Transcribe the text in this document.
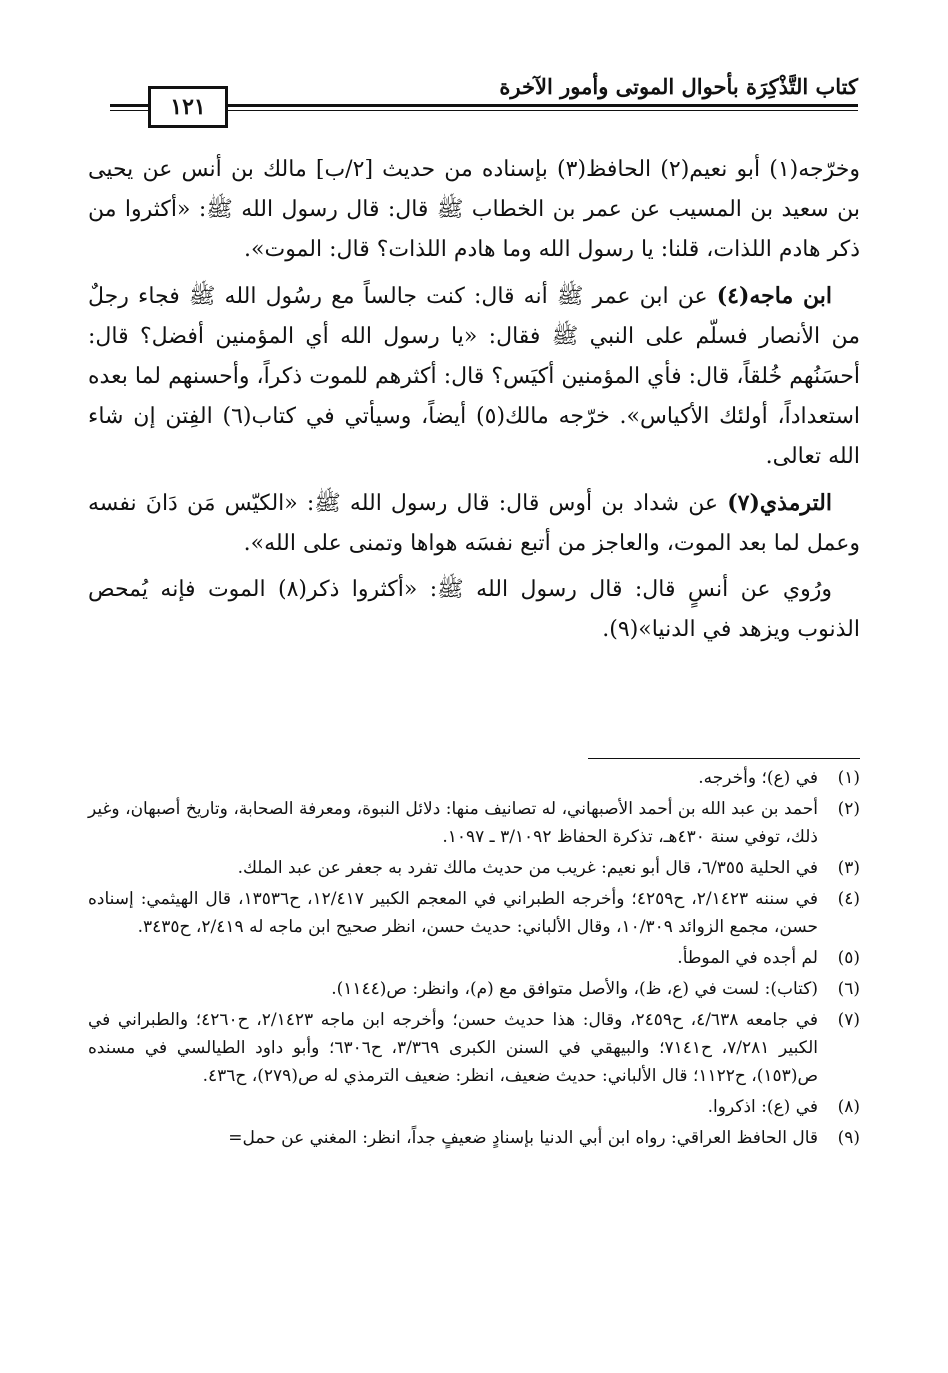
كتاب التَّذْكِرَة بأحوال الموتى وأمور الآخرة
١٢١

وخرّجه(١) أبو نعيم(٢) الحافظ(٣) بإسناده من حديث [٢/ب] مالك بن أنس عن يحيى بن سعيد بن المسيب عن عمر بن الخطاب ﷺ قال: قال رسول الله ﷺ: «أكثروا من ذكر هادم اللذات، قلنا: يا رسول الله وما هادم اللذات؟ قال: الموت».

ابن ماجه(٤) عن ابن عمر ﷺ أنه قال: كنت جالساً مع رسُول الله ﷺ فجاء رجلٌ من الأنصار فسلّم على النبي ﷺ فقال: «يا رسول الله أي المؤمنين أفضل؟ قال: أحسَنُهم خُلقاً، قال: فأي المؤمنين أكيَس؟ قال: أكثرهم للموت ذكراً، وأحسنهم لما بعده استعداداً، أولئك الأكياس». خرّجه مالك(٥) أيضاً، وسيأتي في كتاب(٦) الفِتن إن شاء الله تعالى.

الترمذي(٧) عن شداد بن أوس قال: قال رسول الله ﷺ: «الكيّس مَن دَانَ نفسه وعمل لما بعد الموت، والعاجز من أتبع نفسَه هواها وتمنى على الله».

ورُوي عن أنسٍ قال: قال رسول الله ﷺ: «أكثروا ذكر(٨) الموت فإنه يُمحص الذنوب ويزهد في الدنيا»(٩).

(١)
في (ع)؛ وأخرجه.
(٢)
أحمد بن عبد الله بن أحمد الأصبهاني، له تصانيف منها: دلائل النبوة، ومعرفة الصحابة، وتاريخ أصبهان، وغير ذلك، توفي سنة ٤٣٠هـ، تذكرة الحفاظ ٣/١٠٩٢ ـ ١٠٩٧.
(٣)
في الحلية ٦/٣٥٥، قال أبو نعيم: غريب من حديث مالك تفرد به جعفر عن عبد الملك.
(٤)
في سننه ٢/١٤٢٣، ح٤٢٥٩؛ وأخرجه الطبراني في المعجم الكبير ١٢/٤١٧، ح١٣٥٣٦، قال الهيثمي: إسناده حسن، مجمع الزوائد ١٠/٣٠٩، وقال الألباني: حديث حسن، انظر صحيح ابن ماجه له ٢/٤١٩، ح٣٤٣٥.
(٥)
لم أجده في الموطأ.
(٦)
(كتاب): لست في (ع، ظ)، والأصل متوافق مع (م)، وانظر: ص(١١٤٤).
(٧)
في جامعه ٤/٦٣٨، ح٢٤٥٩، وقال: هذا حديث حسن؛ وأخرجه ابن ماجه ٢/١٤٢٣، ح٤٢٦٠؛ والطبراني في الكبير ٧/٢٨١، ح٧١٤١؛ والبيهقي في السنن الكبرى ٣/٣٦٩، ح٦٣٠٦؛ وأبو داود الطيالسي في مسنده ص(١٥٣)، ح١١٢٢؛ قال الألباني: حديث ضعيف، انظر: ضعيف الترمذي له ص(٢٧٩)، ح٤٣٦.
(٨)
في (ع): اذكروا.
(٩)
قال الحافظ العراقي: رواه ابن أبي الدنيا بإسنادٍ ضعيفٍ جداً، انظر: المغني عن حمل=
